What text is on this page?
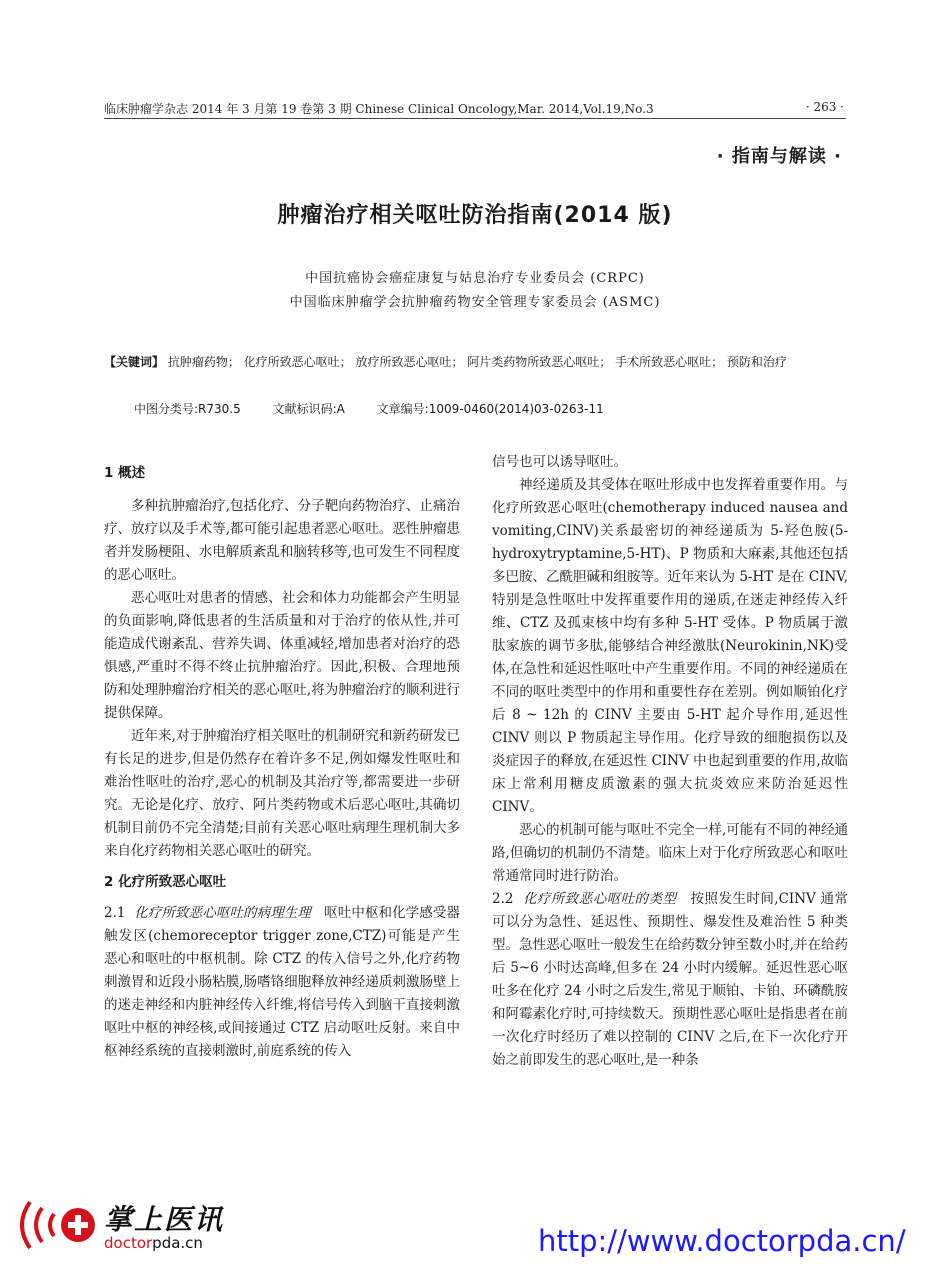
临床肿瘤学杂志 2014 年 3 月第 19 卷第 3 期 Chinese Clinical Oncology,Mar. 2014,Vol.19,No.3	· 263 ·
· 指南与解读 ·
肿瘤治疗相关呕吐防治指南(2014 版)
中国抗癌协会癌症康复与姑息治疗专业委员会 (CRPC)
中国临床肿瘤学会抗肿瘤药物安全管理专家委员会 (ASMC)
【关键词】 抗肿瘤药物； 化疗所致恶心呕吐； 放疗所致恶心呕吐； 阿片类药物所致恶心呕吐； 手术所致恶心呕吐； 预防和治疗
中图分类号:R730.5	文献标识码:A	文章编号:1009-0460(2014)03-0263-11
1 概述

多种抗肿瘤治疗,包括化疗、分子靶向药物治疗、止痛治疗、放疗以及手术等,都可能引起患者恶心呕吐。恶性肿瘤患者并发肠梗阻、水电解质紊乱和脑转移等,也可发生不同程度的恶心呕吐。

恶心呕吐对患者的情感、社会和体力功能都会产生明显的负面影响,降低患者的生活质量和对于治疗的依从性,并可能造成代谢紊乱、营养失调、体重减轻,增加患者对治疗的恐惧感,严重时不得不终止抗肿瘤治疗。因此,积极、合理地预防和处理肿瘤治疗相关的恶心呕吐,将为肿瘤治疗的顺利进行提供保障。

近年来,对于肿瘤治疗相关呕吐的机制研究和新药研发已有长足的进步,但是仍然存在着许多不足,例如爆发性呕吐和难治性呕吐的治疗,恶心的机制及其治疗等,都需要进一步研究。无论是化疗、放疗、阿片类药物或术后恶心呕吐,其确切机制目前仍不完全清楚;目前有关恶心呕吐病理生理机制大多来自化疗药物相关恶心呕吐的研究。

2 化疗所致恶心呕吐

2.1 化疗所致恶心呕吐的病理生理 呕吐中枢和化学感受器触发区(chemoreceptor trigger zone,CTZ)可能是产生恶心和呕吐的中枢机制。除 CTZ 的传入信号之外,化疗药物刺激胃和近段小肠粘膜,肠嗜铬细胞释放神经递质刺激肠壁上的迷走神经和内脏神经传入纤维,将信号传入到脑干直接刺激呕吐中枢的神经核,或间接通过 CTZ 启动呕吐反射。来自中枢神经系统的直接刺激时,前庭系统的传入

信号也可以诱导呕吐。

神经递质及其受体在呕吐形成中也发挥着重要作用。与化疗所致恶心呕吐(chemotherapy induced nausea and vomiting,CINV)关系最密切的神经递质为 5-羟色胺(5-hydroxytryptamine,5-HT)、P 物质和大麻素,其他还包括多巴胺、乙酰胆碱和组胺等。近年来认为 5-HT 是在 CINV,特别是急性呕吐中发挥重要作用的递质,在迷走神经传入纤维、CTZ 及孤束核中均有多种 5-HT 受体。P 物质属于激肽家族的调节多肽,能够结合神经激肽(Neurokinin,NK)受体,在急性和延迟性呕吐中产生重要作用。不同的神经递质在不同的呕吐类型中的作用和重要性存在差别。例如顺铂化疗后 8 ~ 12h 的 CINV 主要由 5-HT 起介导作用,延迟性 CINV 则以 P 物质起主导作用。化疗导致的细胞损伤以及炎症因子的释放,在延迟性 CINV 中也起到重要的作用,故临床上常利用糖皮质激素的强大抗炎效应来防治延迟性 CINV。

恶心的机制可能与呕吐不完全一样,可能有不同的神经通路,但确切的机制仍不清楚。临床上对于化疗所致恶心和呕吐常通常同时进行防治。

2.2 化疗所致恶心呕吐的类型 按照发生时间,CINV 通常可以分为急性、延迟性、预期性、爆发性及难治性 5 种类型。急性恶心呕吐一般发生在给药数分钟至数小时,并在给药后 5~6 小时达高峰,但多在 24 小时内缓解。延迟性恶心呕吐多在化疗 24 小时之后发生,常见于顺铂、卡铂、环磷酰胺和阿霉素化疗时,可持续数天。预期性恶心呕吐是指患者在前一次化疗时经历了难以控制的 CINV 之后,在下一次化疗开始之前即发生的恶心呕吐,是一种条

掌上医讯
doctorpda.cn	http://www.doctorpda.cn/
